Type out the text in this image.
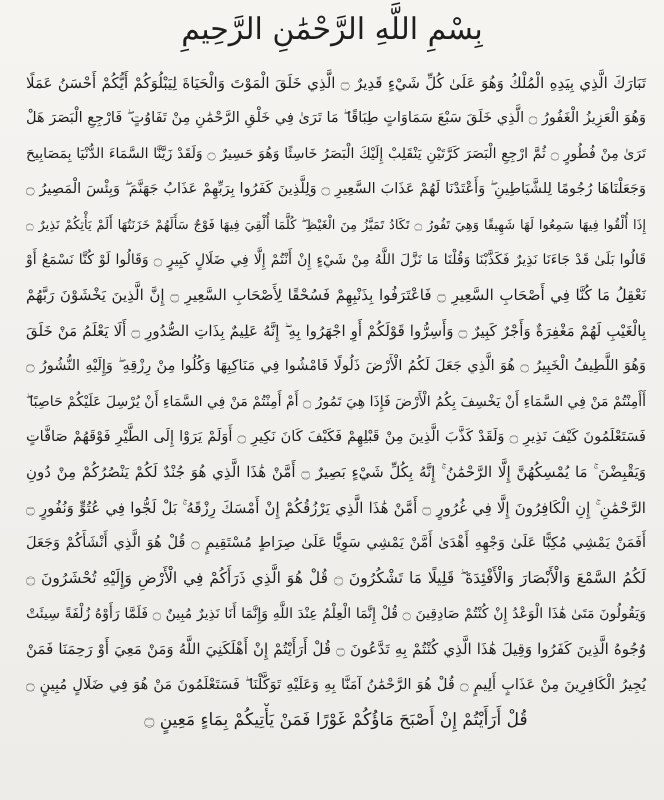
بِسْمِ اللَّهِ الرَّحْمَٰنِ الرَّحِيمِ
تَبَارَكَ الَّذِي بِيَدِهِ الْمُلْكُ وَهُوَ عَلَىٰ كُلِّ شَيْءٍ قَدِيرٌ ۝ الَّذِي خَلَقَ الْمَوْتَ وَالْحَيَاةَ لِيَبْلُوَكُمْ أَيُّكُمْ أَحْسَنُ عَمَلًا
وَهُوَ الْعَزِيزُ الْغَفُورُ ۝ الَّذِي خَلَقَ سَبْعَ سَمَاوَاتٍ طِبَاقًا ۖ مَا تَرَىٰ فِي خَلْقِ الرَّحْمَٰنِ مِنْ تَفَاوُتٍ ۖ فَارْجِعِ الْبَصَرَ هَلْ
تَرَىٰ مِنْ فُطُورٍ ۝ ثُمَّ ارْجِعِ الْبَصَرَ كَرَّتَيْنِ يَنْقَلِبْ إِلَيْكَ الْبَصَرُ خَاسِئًا وَهُوَ حَسِيرٌ ۝ وَلَقَدْ زَيَّنَّا السَّمَاءَ الدُّنْيَا بِمَصَابِيحَ
وَجَعَلْنَاهَا رُجُومًا لِلشَّيَاطِينِ ۖ وَأَعْتَدْنَا لَهُمْ عَذَابَ السَّعِيرِ ۝ وَلِلَّذِينَ كَفَرُوا بِرَبِّهِمْ عَذَابُ جَهَنَّمَ ۖ وَبِئْسَ الْمَصِيرُ ۝
إِذَا أُلْقُوا فِيهَا سَمِعُوا لَهَا شَهِيقًا وَهِيَ تَفُورُ ۝ تَكَادُ تَمَيَّزُ مِنَ الْغَيْظِ ۖ كُلَّمَا أُلْقِيَ فِيهَا فَوْجٌ سَأَلَهُمْ خَزَنَتُهَا أَلَمْ يَأْتِكُمْ نَذِيرٌ ۝
قَالُوا بَلَىٰ قَدْ جَاءَنَا نَذِيرٌ فَكَذَّبْنَا وَقُلْنَا مَا نَزَّلَ اللَّهُ مِنْ شَيْءٍ إِنْ أَنْتُمْ إِلَّا فِي ضَلَالٍ كَبِيرٍ ۝ وَقَالُوا لَوْ كُنَّا نَسْمَعُ أَوْ
نَعْقِلُ مَا كُنَّا فِي أَصْحَابِ السَّعِيرِ ۝ فَاعْتَرَفُوا بِذَنْبِهِمْ فَسُحْقًا لِأَصْحَابِ السَّعِيرِ ۝ إِنَّ الَّذِينَ يَخْشَوْنَ رَبَّهُمْ
بِالْغَيْبِ لَهُمْ مَغْفِرَةٌ وَأَجْرٌ كَبِيرٌ ۝ وَأَسِرُّوا قَوْلَكُمْ أَوِ اجْهَرُوا بِهِ ۖ إِنَّهُ عَلِيمٌ بِذَاتِ الصُّدُورِ ۝ أَلَا يَعْلَمُ مَنْ خَلَقَ
وَهُوَ اللَّطِيفُ الْخَبِيرُ ۝ هُوَ الَّذِي جَعَلَ لَكُمُ الْأَرْضَ ذَلُولًا فَامْشُوا فِي مَنَاكِبِهَا وَكُلُوا مِنْ رِزْقِهِ ۖ وَإِلَيْهِ النُّشُورُ ۝
أَأَمِنْتُمْ مَنْ فِي السَّمَاءِ أَنْ يَخْسِفَ بِكُمُ الْأَرْضَ فَإِذَا هِيَ تَمُورُ ۝ أَمْ أَمِنْتُمْ مَنْ فِي السَّمَاءِ أَنْ يُرْسِلَ عَلَيْكُمْ حَاصِبًا ۖ
فَسَتَعْلَمُونَ كَيْفَ نَذِيرِ ۝ وَلَقَدْ كَذَّبَ الَّذِينَ مِنْ قَبْلِهِمْ فَكَيْفَ كَانَ نَكِيرِ ۝ أَوَلَمْ يَرَوْا إِلَى الطَّيْرِ فَوْقَهُمْ صَافَّاتٍ
وَيَقْبِضْنَ ۚ مَا يُمْسِكُهُنَّ إِلَّا الرَّحْمَٰنُ ۚ إِنَّهُ بِكُلِّ شَيْءٍ بَصِيرٌ ۝ أَمَّنْ هَٰذَا الَّذِي هُوَ جُنْدٌ لَكُمْ يَنْصُرُكُمْ مِنْ دُونِ
الرَّحْمَٰنِ ۚ إِنِ الْكَافِرُونَ إِلَّا فِي غُرُورٍ ۝ أَمَّنْ هَٰذَا الَّذِي يَرْزُقُكُمْ إِنْ أَمْسَكَ رِزْقَهُ ۚ بَلْ لَجُّوا فِي عُتُوٍّ وَنُفُورٍ ۝
أَفَمَنْ يَمْشِي مُكِبًّا عَلَىٰ وَجْهِهِ أَهْدَىٰ أَمَّنْ يَمْشِي سَوِيًّا عَلَىٰ صِرَاطٍ مُسْتَقِيمٍ ۝ قُلْ هُوَ الَّذِي أَنْشَأَكُمْ وَجَعَلَ
لَكُمُ السَّمْعَ وَالْأَبْصَارَ وَالْأَفْئِدَةَ ۖ قَلِيلًا مَا تَشْكُرُونَ ۝ قُلْ هُوَ الَّذِي ذَرَأَكُمْ فِي الْأَرْضِ وَإِلَيْهِ تُحْشَرُونَ ۝
وَيَقُولُونَ مَتَىٰ هَٰذَا الْوَعْدُ إِنْ كُنْتُمْ صَادِقِينَ ۝ قُلْ إِنَّمَا الْعِلْمُ عِنْدَ اللَّهِ وَإِنَّمَا أَنَا نَذِيرٌ مُبِينٌ ۝ فَلَمَّا رَأَوْهُ زُلْفَةً سِيئَتْ
وُجُوهُ الَّذِينَ كَفَرُوا وَقِيلَ هَٰذَا الَّذِي كُنْتُمْ بِهِ تَدَّعُونَ ۝ قُلْ أَرَأَيْتُمْ إِنْ أَهْلَكَنِيَ اللَّهُ وَمَنْ مَعِيَ أَوْ رَحِمَنَا فَمَنْ
يُجِيرُ الْكَافِرِينَ مِنْ عَذَابٍ أَلِيمٍ ۝ قُلْ هُوَ الرَّحْمَٰنُ آمَنَّا بِهِ وَعَلَيْهِ تَوَكَّلْنَا ۖ فَسَتَعْلَمُونَ مَنْ هُوَ فِي ضَلَالٍ مُبِينٍ ۝
قُلْ أَرَأَيْتُمْ إِنْ أَصْبَحَ مَاؤُكُمْ غَوْرًا فَمَنْ يَأْتِيكُمْ بِمَاءٍ مَعِينٍ ۝
